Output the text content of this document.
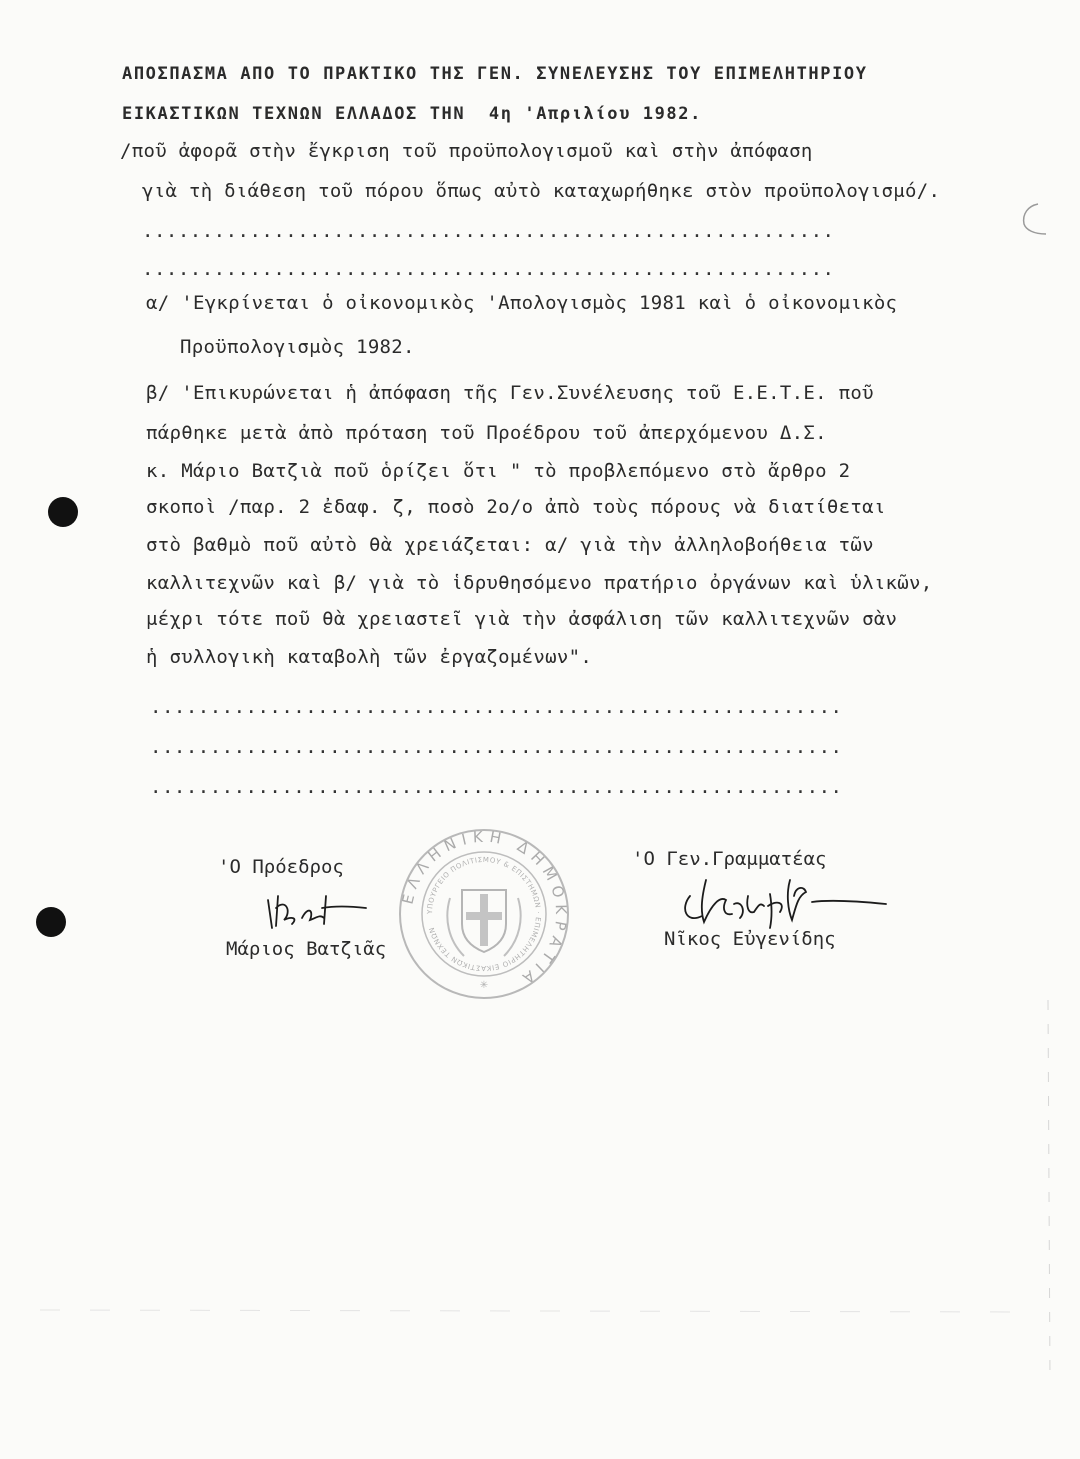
ΑΠΟΣΠΑΣΜΑ ΑΠΟ ΤΟ ΠΡΑΚΤΙΚΟ ΤΗΣ ΓΕΝ. ΣΥΝΕΛΕΥΣΗΣ ΤΟΥ ΕΠΙΜΕΛΗΤΗΡΙΟΥ
ΕΙΚΑΣΤΙΚΩΝ ΤΕΧΝΩΝ ΕΛΛΑΔΟΣ ΤΗΝ  4η 'Απριλίου 1982.
/ποῦ ἀφορᾶ στὴν ἔγκριση τοῦ προϋπολογισμοῦ καὶ στὴν ἀπόφαση
γιὰ τὴ διάθεση τοῦ πόρου ὅπως αὐτὸ καταχωρήθηκε στὸν προϋπολογισμό/.
..........................................................
..........................................................
α/ 'Εγκρίνεται ὁ οἰκονομικὸς 'Απολογισμὸς 1981 καὶ ὁ οἰκονομικὸς
Προϋπολογισμὸς 1982.
β/ 'Επικυρώνεται ἡ ἀπόφαση τῆς Γεν.Συνέλευσης τοῦ Ε.Ε.Τ.Ε. ποῦ
πάρθηκε μετὰ ἀπὸ πρόταση τοῦ Προέδρου τοῦ ἀπερχόμενου Δ.Σ.
κ. Μάριο Βατζιὰ ποῦ ὁρίζει ὅτι " τὸ προβλεπόμενο στὸ ἄρθρο 2
σκοποὶ /παρ. 2 ἐδαφ. ζ, ποσὸ 2ο/ο ἀπὸ τοὺς πόρους νὰ διατίθεται
στὸ βαθμὸ ποῦ αὐτὸ θὰ χρειάζεται: α/ γιὰ τὴν ἀλληλοβοήθεια τῶν
καλλιτεχνῶν καὶ β/ γιὰ τὸ ἱδρυθησόμενο πρατήριο ὀργάνων καὶ ὑλικῶν,
μέχρι τότε ποῦ θὰ χρειαστεῖ γιὰ τὴν ἀσφάλιση τῶν καλλιτεχνῶν σὰν
ἡ συλλογικὴ καταβολὴ τῶν ἐργαζομένων".
..........................................................
..........................................................
..........................................................
'Ο Πρόεδρος
Μάριος Βατζιᾶς
'Ο Γεν.Γραμματέας
Νῖκος Εὐγενίδης
ΕΛΛΗΝΙΚΗ ΔΗΜΟΚΡΑΤΙΑ
ΥΠΟΥΡΓΕΙΟ ΠΟΛΙΤΙΣΜΟΥ & ΕΠΙΣΤΗΜΩΝ · ΕΠΙΜΕΛΗΤΗΡΙΟ ΕΙΚΑΣΤΙΚΩΝ ΤΕΧΝΩΝ
✳
